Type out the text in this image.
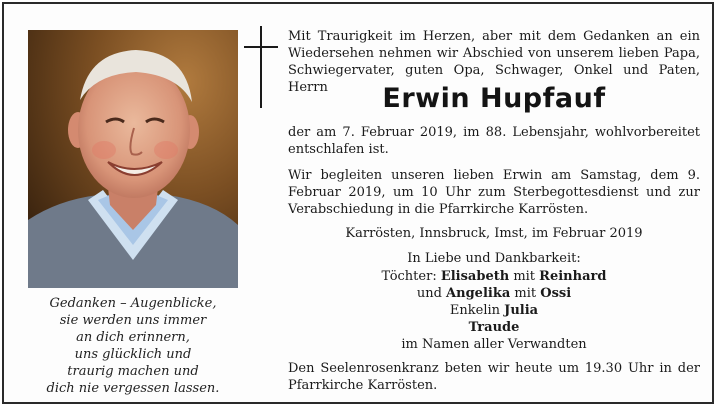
Gedanken – Augenblicke,
sie werden uns immer
an dich erinnern,
uns glücklich und
traurig machen und
dich nie vergessen lassen.
Mit Traurigkeit im Herzen, aber mit dem Gedanken an ein Wiedersehen nehmen wir Abschied von unserem lieben Papa, Schwiegervater, guten Opa, Schwager, Onkel und Paten, Herrn	Erwin Hupfauf
der am 7. Februar 2019, im 88. Lebensjahr, wohlvorbereitet entschlafen ist.
Wir begleiten unseren lieben Erwin am Samstag, dem 9. Februar 2019, um 10 Uhr zum Sterbegottesdienst und zur Verabschiedung in die Pfarrkirche Karrösten.
Karrösten, Innsbruck, Imst, im Februar 2019
In Liebe und Dankbarkeit:
Töchter: Elisabeth mit Reinhard
und Angelika mit Ossi
Enkelin Julia
Traude
im Namen aller Verwandten
Den Seelenrosenkranz beten wir heute um 19.30 Uhr in der Pfarrkirche Karrösten.
